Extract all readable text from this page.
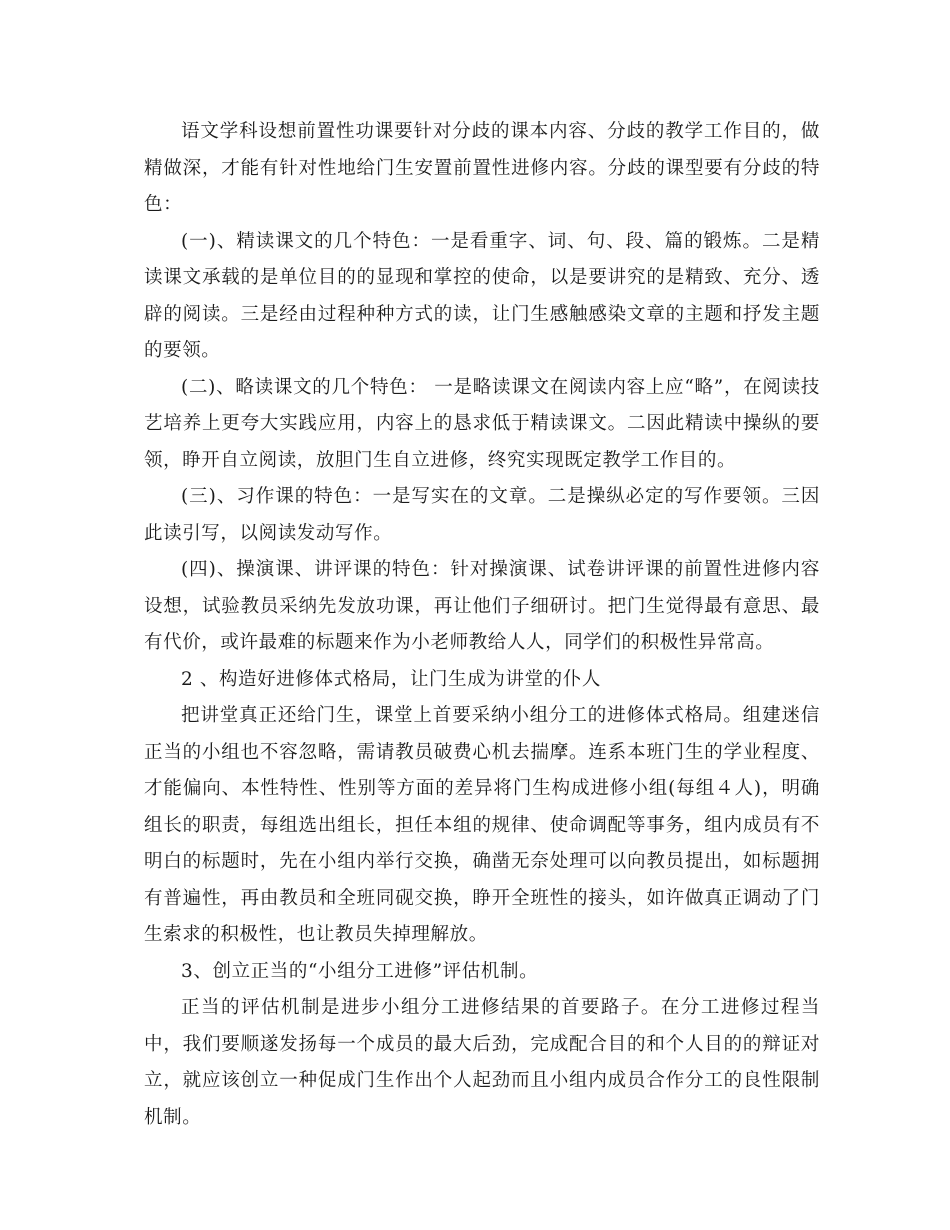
语文学科设想前置性功课要针对分歧的课本内容、分歧的教学工作目的，做精做深，才能有针对性地给门生安置前置性进修内容。分歧的课型要有分歧的特色：

(一)、精读课文的几个特色：一是看重字、词、句、段、篇的锻炼。二是精读课文承载的是单位目的的显现和掌控的使命，以是要讲究的是精致、充分、透辟的阅读。三是经由过程种种方式的读，让门生感触感染文章的主题和抒发主题的要领。

(二)、略读课文的几个特色： 一是略读课文在阅读内容上应“略”，在阅读技艺培养上更夸大实践应用，内容上的恳求低于精读课文。二因此精读中操纵的要领，睁开自立阅读，放胆门生自立进修，终究实现既定教学工作目的。

(三)、习作课的特色：一是写实在的文章。二是操纵必定的写作要领。三因此读引写，以阅读发动写作。

(四)、操演课、讲评课的特色：针对操演课、试卷讲评课的前置性进修内容设想，试验教员采纳先发放功课，再让他们子细研讨。把门生觉得最有意思、最有代价，或许最难的标题来作为小老师教给人人，同学们的积极性异常高。

2 、构造好进修体式格局，让门生成为讲堂的仆人

把讲堂真正还给门生，课堂上首要采纳小组分工的进修体式格局。组建迷信正当的小组也不容忽略，需请教员破费心机去揣摩。连系本班门生的学业程度、才能偏向、本性特性、性别等方面的差异将门生构成进修小组(每组４人)，明确组长的职责，每组选出组长，担任本组的规律、使命调配等事务，组内成员有不明白的标题时，先在小组内举行交换，确凿无奈处理可以向教员提出，如标题拥有普遍性，再由教员和全班同砚交换，睁开全班性的接头，如许做真正调动了门生索求的积极性，也让教员失掉理解放。

3、创立正当的“小组分工进修”评估机制。

正当的评估机制是进步小组分工进修结果的首要路子。在分工进修过程当中，我们要顺遂发扬每一个成员的最大后劲，完成配合目的和个人目的的辩证对立，就应该创立一种促成门生作出个人起劲而且小组内成员合作分工的良性限制机制。
